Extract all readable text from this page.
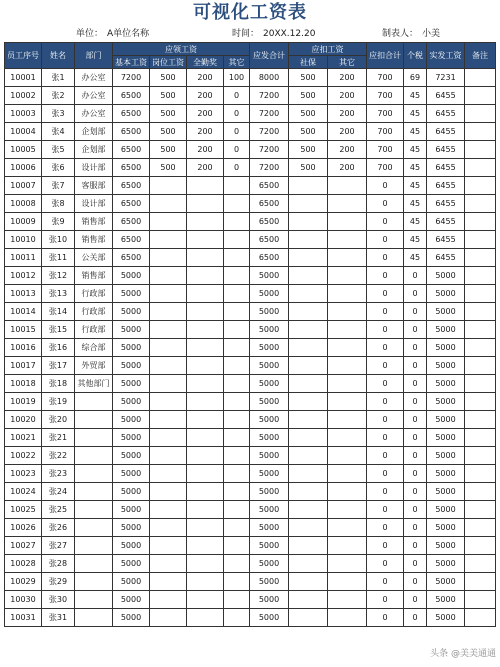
可视化工资表
单位： A单位名称	时间： 20XX.12.20	制表人： 小美
员工序号	姓名	部门	应领工资				应发合计	应扣工资		应扣合计	个税	实发工资	备注
			基本工资	岗位工资	全勤奖	其它		社保	其它				
10001	张1	办公室	7200	500	200	100	8000	500	200	700	69	7231	
10002	张2	办公室	6500	500	200	0	7200	500	200	700	45	6455	
10003	张3	办公室	6500	500	200	0	7200	500	200	700	45	6455	
10004	张4	企划部	6500	500	200	0	7200	500	200	700	45	6455	
10005	张5	企划部	6500	500	200	0	7200	500	200	700	45	6455	
10006	张6	设计部	6500	500	200	0	7200	500	200	700	45	6455	
10007	张7	客服部	6500				6500			0	45	6455	
10008	张8	设计部	6500				6500			0	45	6455	
10009	张9	销售部	6500				6500			0	45	6455	
10010	张10	销售部	6500				6500			0	45	6455	
10011	张11	公关部	6500				6500			0	45	6455	
10012	张12	销售部	5000				5000			0	0	5000	
10013	张13	行政部	5000				5000			0	0	5000	
10014	张14	行政部	5000				5000			0	0	5000	
10015	张15	行政部	5000				5000			0	0	5000	
10016	张16	综合部	5000				5000			0	0	5000	
10017	张17	外贸部	5000				5000			0	0	5000	
10018	张18	其他部门	5000				5000			0	0	5000	
10019	张19		5000				5000			0	0	5000	
10020	张20		5000				5000			0	0	5000	
10021	张21		5000				5000			0	0	5000	
10022	张22		5000				5000			0	0	5000	
10023	张23		5000				5000			0	0	5000	
10024	张24		5000				5000			0	0	5000	
10025	张25		5000				5000			0	0	5000	
10026	张26		5000				5000			0	0	5000	
10027	张27		5000				5000			0	0	5000	
10028	张28		5000				5000			0	0	5000	
10029	张29		5000				5000			0	0	5000	
10030	张30		5000				5000			0	0	5000	
10031	张31		5000				5000			0	0	5000	
头条 @美美通通
